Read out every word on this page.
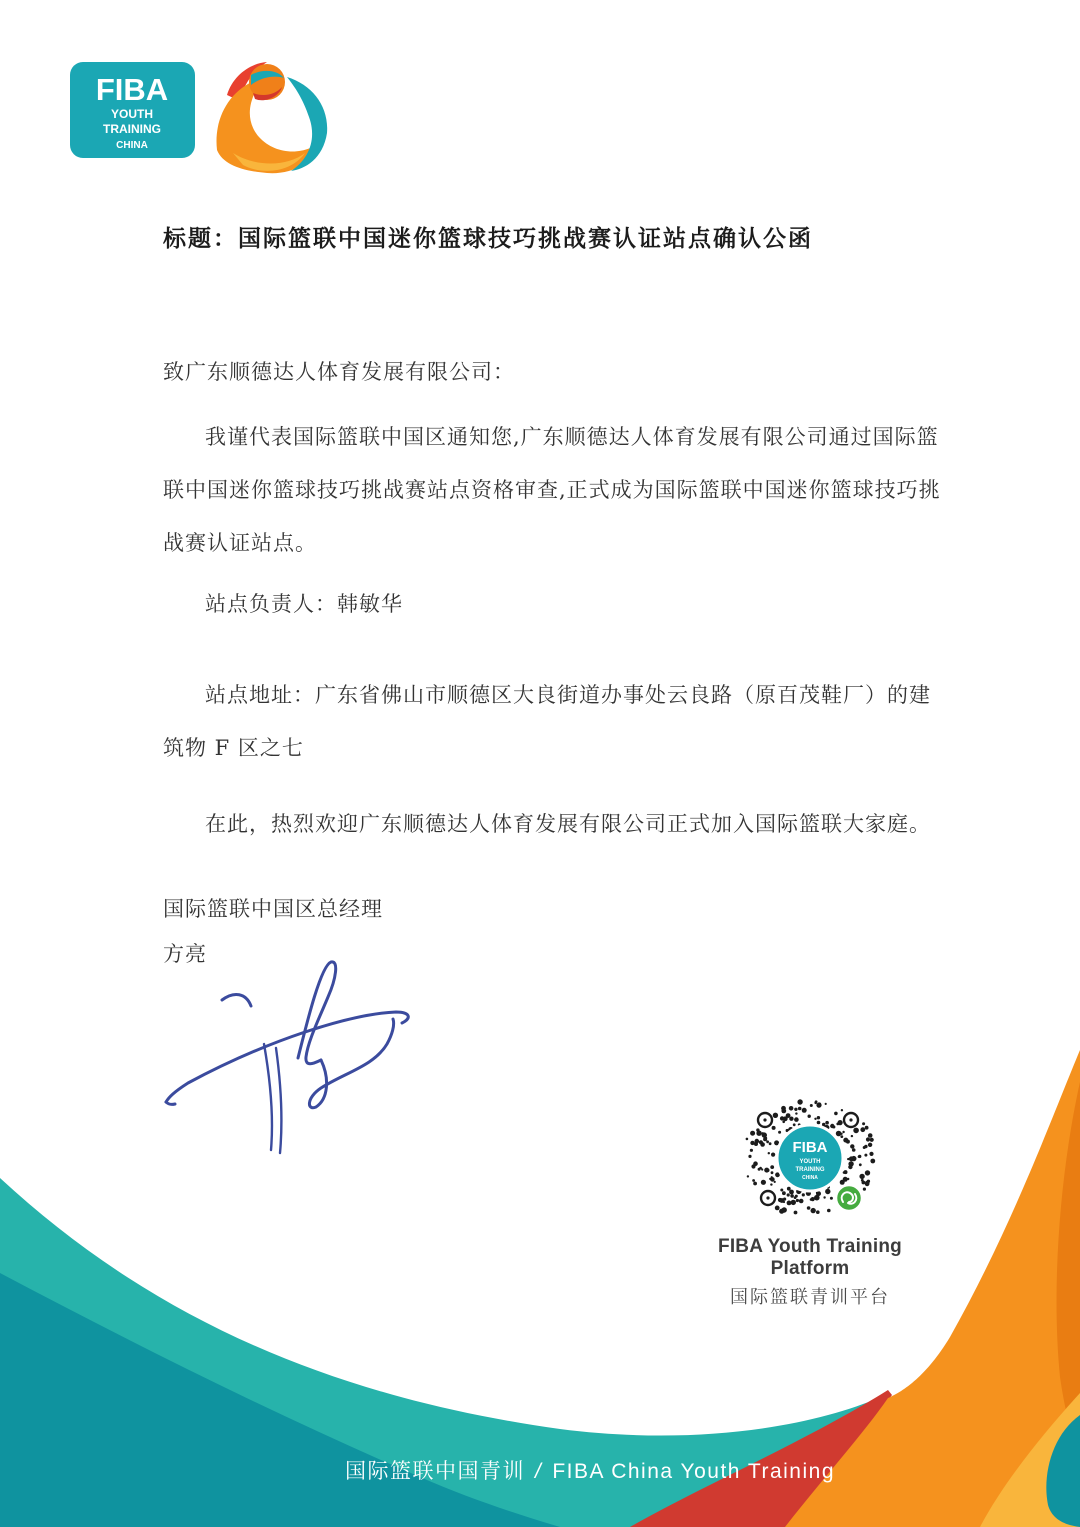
FIBA
YOUTH
TRAINING
CHINA
标题：国际篮联中国迷你篮球技巧挑战赛认证站点确认公函

致广东顺德达人体育发展有限公司：

我谨代表国际篮联中国区通知您,广东顺德达人体育发展有限公司通过国际篮联中国迷你篮球技巧挑战赛站点资格审查,正式成为国际篮联中国迷你篮球技巧挑战赛认证站点。

站点负责人：韩敏华

站点地址：广东省佛山市顺德区大良街道办事处云良路（原百茂鞋厂）的建筑物 F 区之七

在此，热烈欢迎广东顺德达人体育发展有限公司正式加入国际篮联大家庭。

国际篮联中国区总经理

方亮

FIBA
YOUTH
TRAINING
CHINA
FIBA Youth Training Platform
国际篮联青训平台
国际篮联中国青训 / FIBA China Youth Training
